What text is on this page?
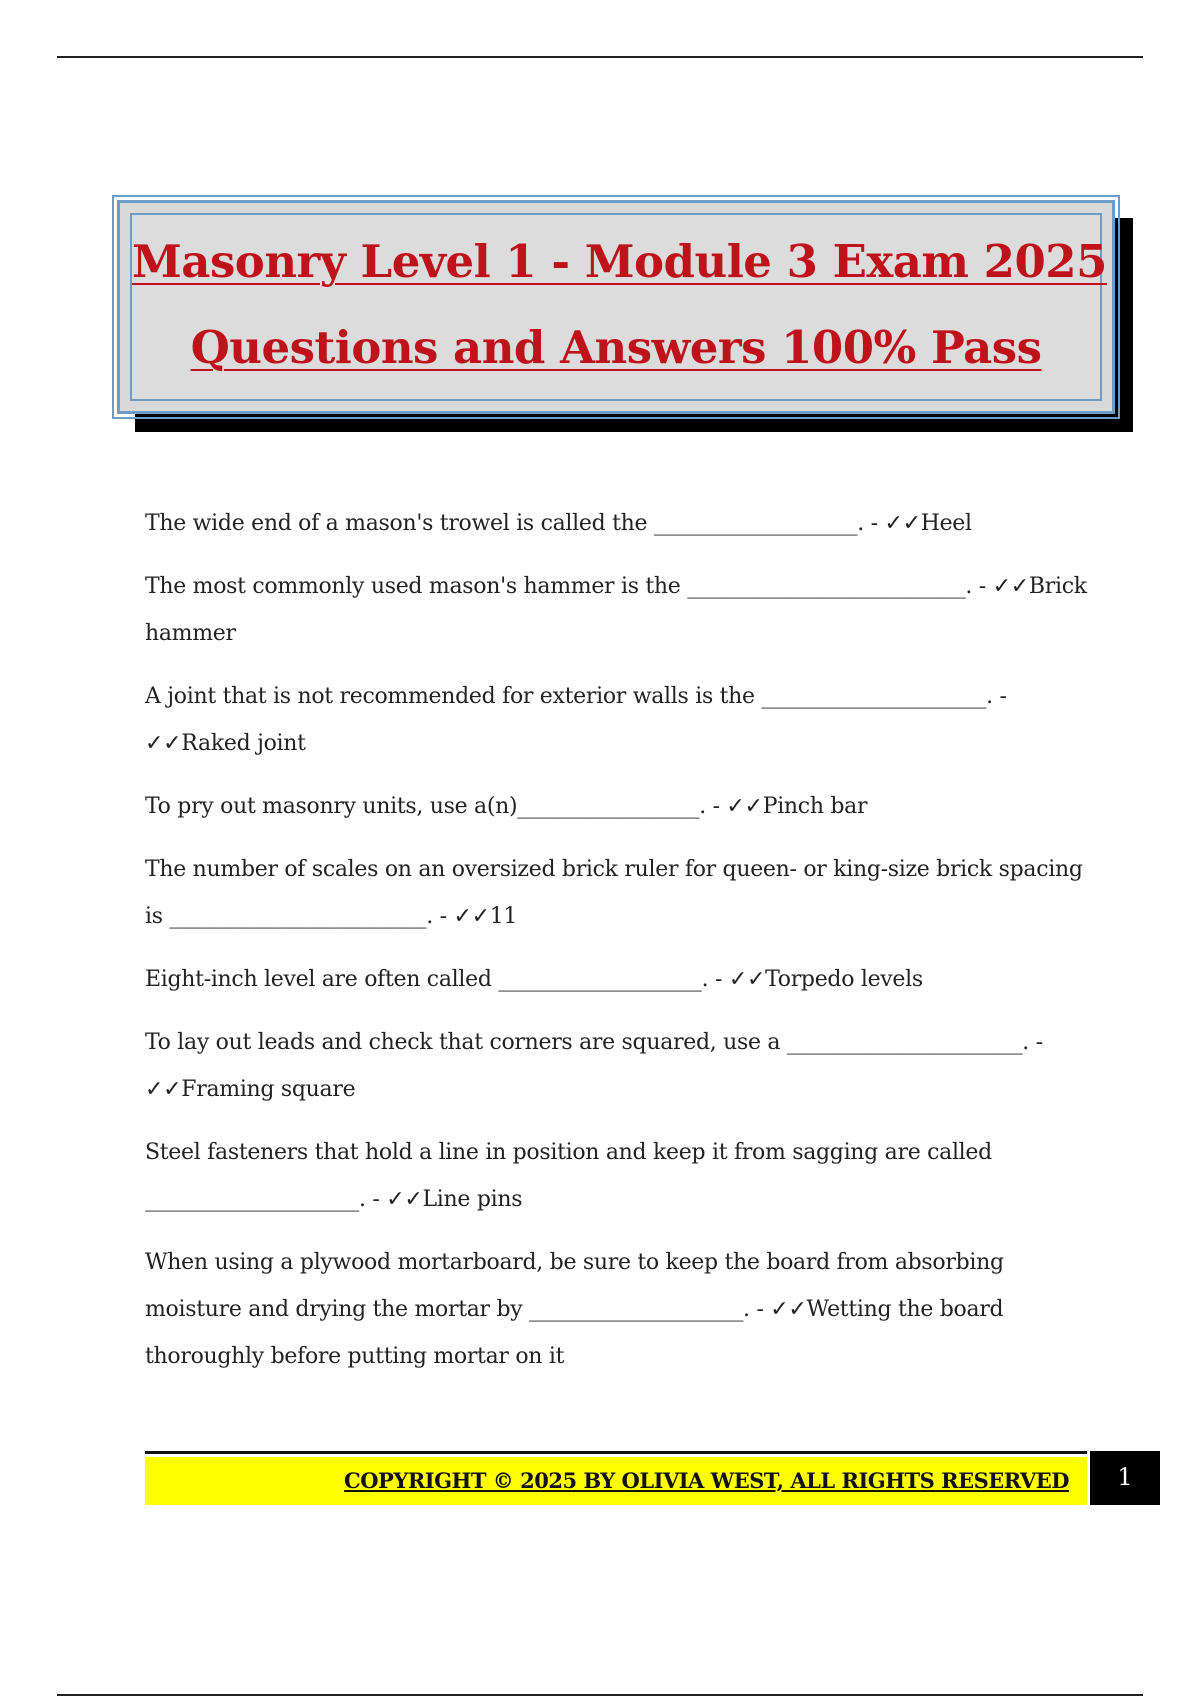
Masonry Level 1 - Module 3 Exam 2025
Questions and Answers 100% Pass
The wide end of a mason's trowel is called the ___________________. - ✓✓Heel
The most commonly used mason's hammer is the __________________________. - ✓✓Brick hammer
A joint that is not recommended for exterior walls is the _____________________. - ✓✓Raked joint
To pry out masonry units, use a(n)_________________. - ✓✓Pinch bar
The number of scales on an oversized brick ruler for queen- or king-size brick spacing is ________________________. - ✓✓11
Eight-inch level are often called ___________________. - ✓✓Torpedo levels
To lay out leads and check that corners are squared, use a ______________________. - ✓✓Framing square
Steel fasteners that hold a line in position and keep it from sagging are called ____________________. - ✓✓Line pins
When using a plywood mortarboard, be sure to keep the board from absorbing moisture and drying the mortar by ____________________. - ✓✓Wetting the board thoroughly before putting mortar on it
COPYRIGHT © 2025 BY OLIVIA WEST, ALL RIGHTS RESERVED	1
